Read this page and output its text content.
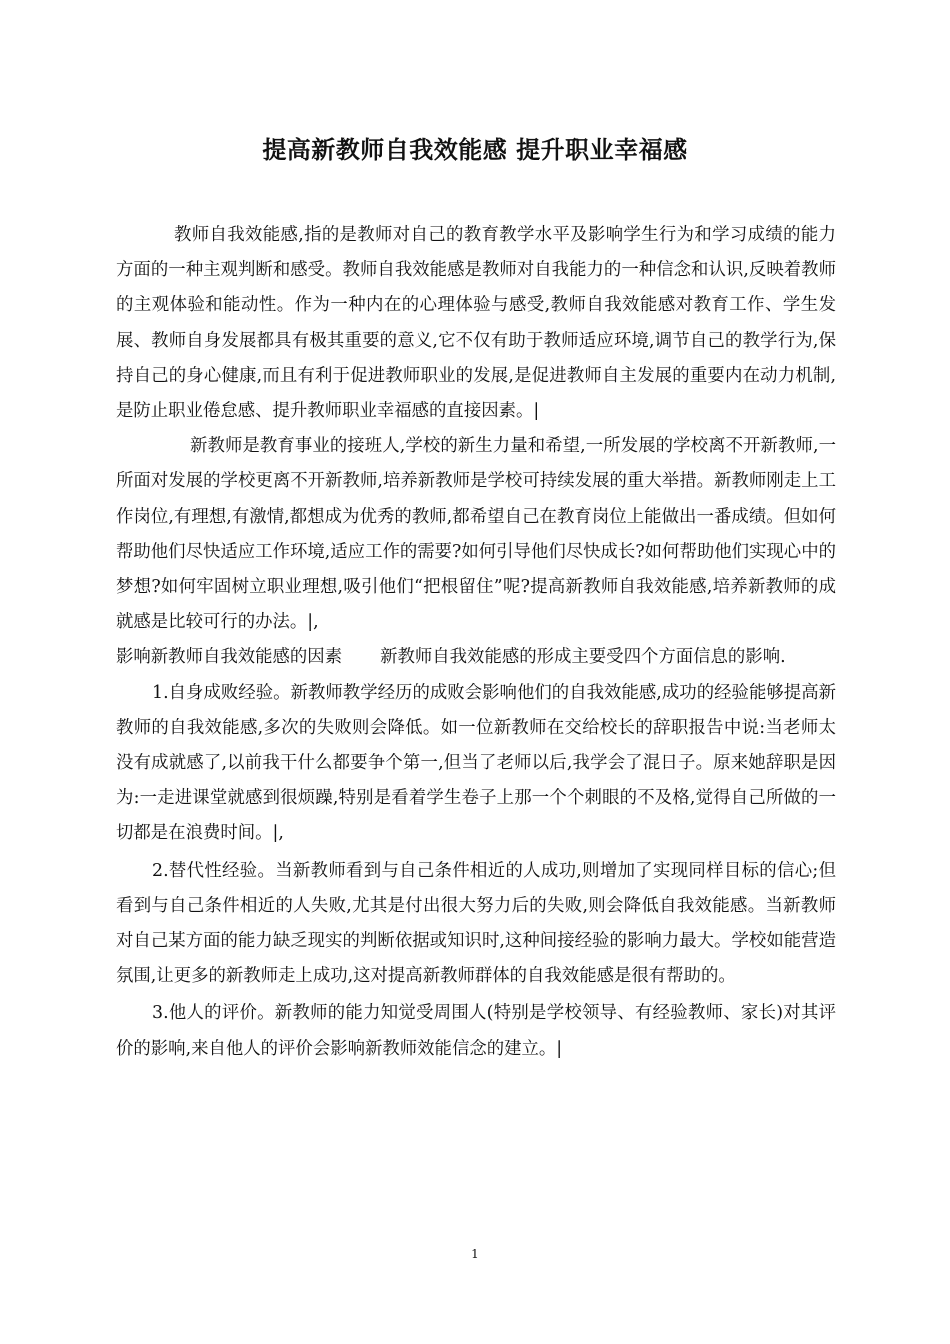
提高新教师自我效能感 提升职业幸福感

教师自我效能感,指的是教师对自己的教育教学水平及影响学生行为和学习成绩的能力方面的一种主观判断和感受。教师自我效能感是教师对自我能力的一种信念和认识,反映着教师的主观体验和能动性。作为一种内在的心理体验与感受,教师自我效能感对教育工作、学生发展、教师自身发展都具有极其重要的意义,它不仅有助于教师适应环境,调节自己的教学行为,保持自己的身心健康,而且有利于促进教师职业的发展,是促进教师自主发展的重要内在动力机制,是防止职业倦怠感、提升教师职业幸福感的直接因素。|

新教师是教育事业的接班人,学校的新生力量和希望,一所发展的学校离不开新教师,一所面对发展的学校更离不开新教师,培养新教师是学校可持续发展的重大举措。新教师刚走上工作岗位,有理想,有激情,都想成为优秀的教师,都希望自己在教育岗位上能做出一番成绩。但如何帮助他们尽快适应工作环境,适应工作的需要?如何引导他们尽快成长?如何帮助他们实现心中的梦想?如何牢固树立职业理想,吸引他们“把根留住”呢?提高新教师自我效能感,培养新教师的成就感是比较可行的办法。|,

影响新教师自我效能感的因素 新教师自我效能感的形成主要受四个方面信息的影响.

1.自身成败经验。新教师教学经历的成败会影响他们的自我效能感,成功的经验能够提高新教师的自我效能感,多次的失败则会降低。如一位新教师在交给校长的辞职报告中说:当老师太没有成就感了,以前我干什么都要争个第一,但当了老师以后,我学会了混日子。原来她辞职是因为:一走进课堂就感到很烦躁,特别是看着学生卷子上那一个个刺眼的不及格,觉得自己所做的一切都是在浪费时间。|,

2.替代性经验。当新教师看到与自己条件相近的人成功,则增加了实现同样目标的信心;但看到与自己条件相近的人失败,尤其是付出很大努力后的失败,则会降低自我效能感。当新教师对自己某方面的能力缺乏现实的判断依据或知识时,这种间接经验的影响力最大。学校如能营造氛围,让更多的新教师走上成功,这对提高新教师群体的自我效能感是很有帮助的。

3.他人的评价。新教师的能力知觉受周围人(特别是学校领导、有经验教师、家长)对其评价的影响,来自他人的评价会影响新教师效能信念的建立。|

1
